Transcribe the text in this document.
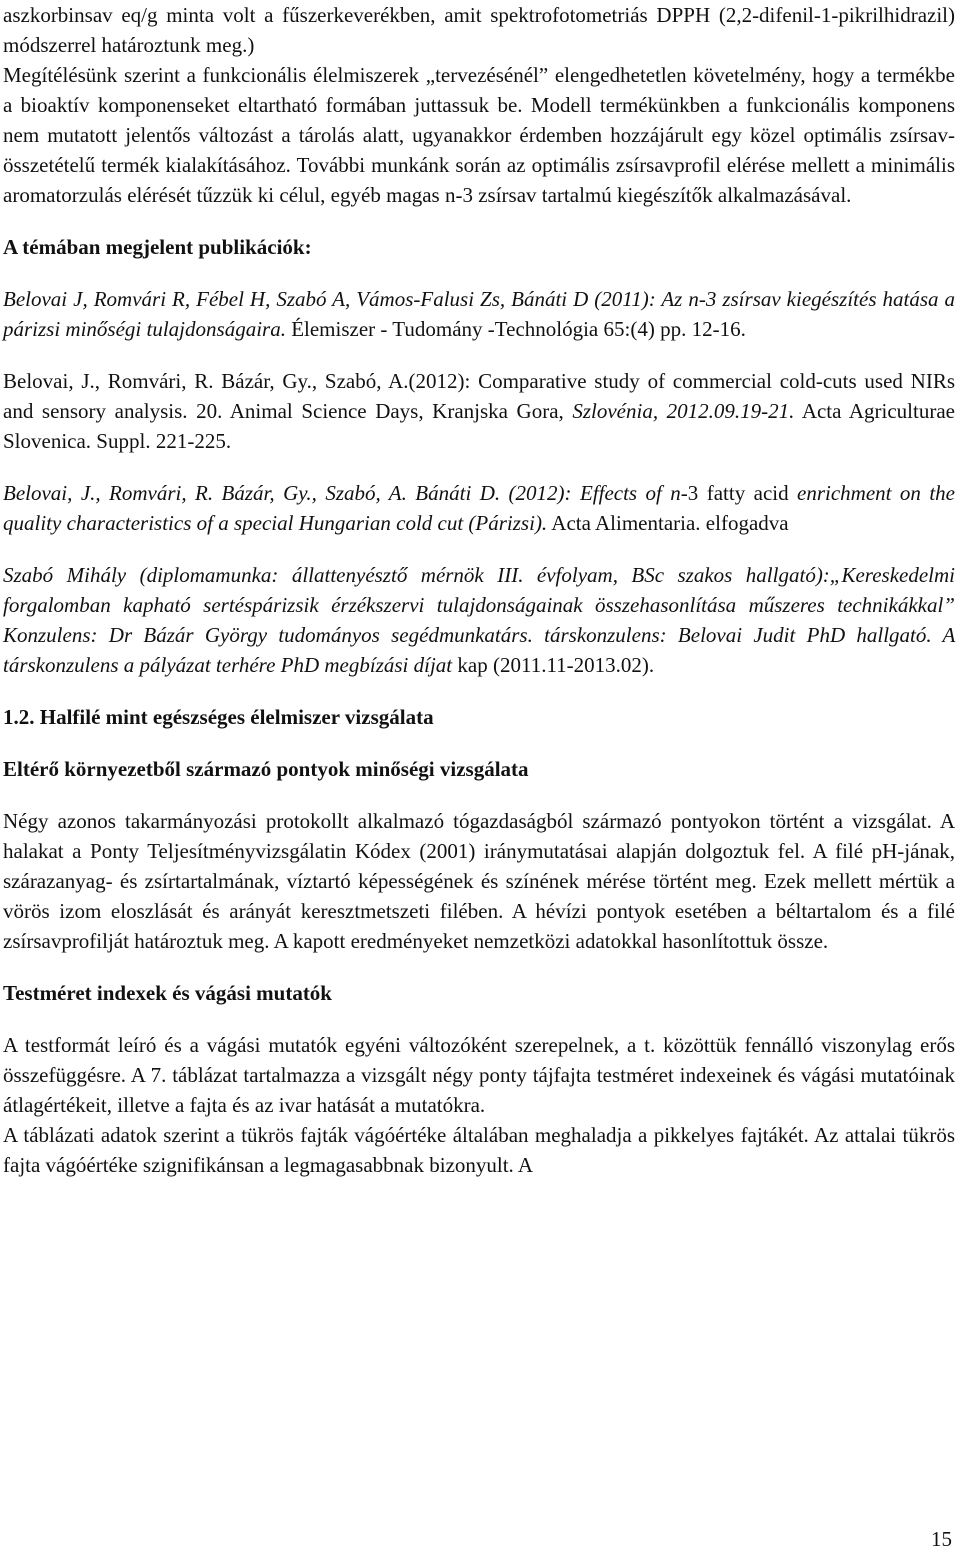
aszkorbinsav eq/g minta volt a fűszerkeverékben, amit spektrofotometriás DPPH (2,2-difenil-1-pikrilhidrazil) módszerrel határoztunk meg.)

Megítélésünk szerint a funkcionális élelmiszerek „tervezésénél” elengedhetetlen követelmény, hogy a termékbe a bioaktív komponenseket eltartható formában juttassuk be. Modell termékünkben a funkcionális komponens nem mutatott jelentős változást a tárolás alatt, ugyanakkor érdemben hozzájárult egy közel optimális zsírsav-összetételű termék kialakításához. További munkánk során az optimális zsírsavprofil elérése mellett a minimális aromatorzulás elérését tűzzük ki célul, egyéb magas n-3 zsírsav tartalmú kiegészítők alkalmazásával.

A témában megjelent publikációk:

Belovai J, Romvári R, Fébel H, Szabó A, Vámos-Falusi Zs, Bánáti D (2011): Az n-3 zsírsav kiegészítés hatása a párizsi minőségi tulajdonságaira. Élemiszer - Tudomány -Technológia 65:(4) pp. 12-16.

Belovai, J., Romvári, R. Bázár, Gy., Szabó, A.(2012): Comparative study of commercial cold-cuts used NIRs and sensory analysis. 20. Animal Science Days, Kranjska Gora, Szlovénia, 2012.09.19-21. Acta Agriculturae Slovenica. Suppl. 221-225.

Belovai, J., Romvári, R. Bázár, Gy., Szabó, A. Bánáti D. (2012): Effects of n-3 fatty acid enrichment on the quality characteristics of a special Hungarian cold cut (Párizsi). Acta Alimentaria. elfogadva

Szabó Mihály (diplomamunka: állattenyésztő mérnök III. évfolyam, BSc szakos hallgató):„Kereskedelmi forgalomban kapható sertéspárizsik érzékszervi tulajdonságainak összehasonlítása műszeres technikákkal” Konzulens: Dr Bázár György tudományos segédmunkatárs. társkonzulens: Belovai Judit PhD hallgató. A társkonzulens a pályázat terhére PhD megbízási díjat kap (2011.11-2013.02).

1.2. Halfilé mint egészséges élelmiszer vizsgálata

Eltérő környezetből származó pontyok minőségi vizsgálata

Négy azonos takarmányozási protokollt alkalmazó tógazdaságból származó pontyokon történt a vizsgálat. A halakat a Ponty Teljesítményvizsgálatin Kódex (2001) iránymutatásai alapján dolgoztuk fel. A filé pH-jának, szárazanyag- és zsírtartalmának, víztartó képességének és színének mérése történt meg. Ezek mellett mértük a vörös izom eloszlását és arányát keresztmetszeti filében. A hévízi pontyok esetében a béltartalom és a filé zsírsavprofilját határoztuk meg. A kapott eredményeket nemzetközi adatokkal hasonlítottuk össze.

Testméret indexek és vágási mutatók

A testformát leíró és a vágási mutatók egyéni változóként szerepelnek, a t. közöttük fennálló viszonylag erős összefüggésre. A 7. táblázat tartalmazza a vizsgált négy ponty tájfajta testméret indexeinek és vágási mutatóinak átlagértékeit, illetve a fajta és az ivar hatását a mutatókra.

A táblázati adatok szerint a tükrös fajták vágóértéke általában meghaladja a pikkelyes fajtákét. Az attalai tükrös fajta vágóértéke szignifikánsan a legmagasabbnak bizonyult. A

15
